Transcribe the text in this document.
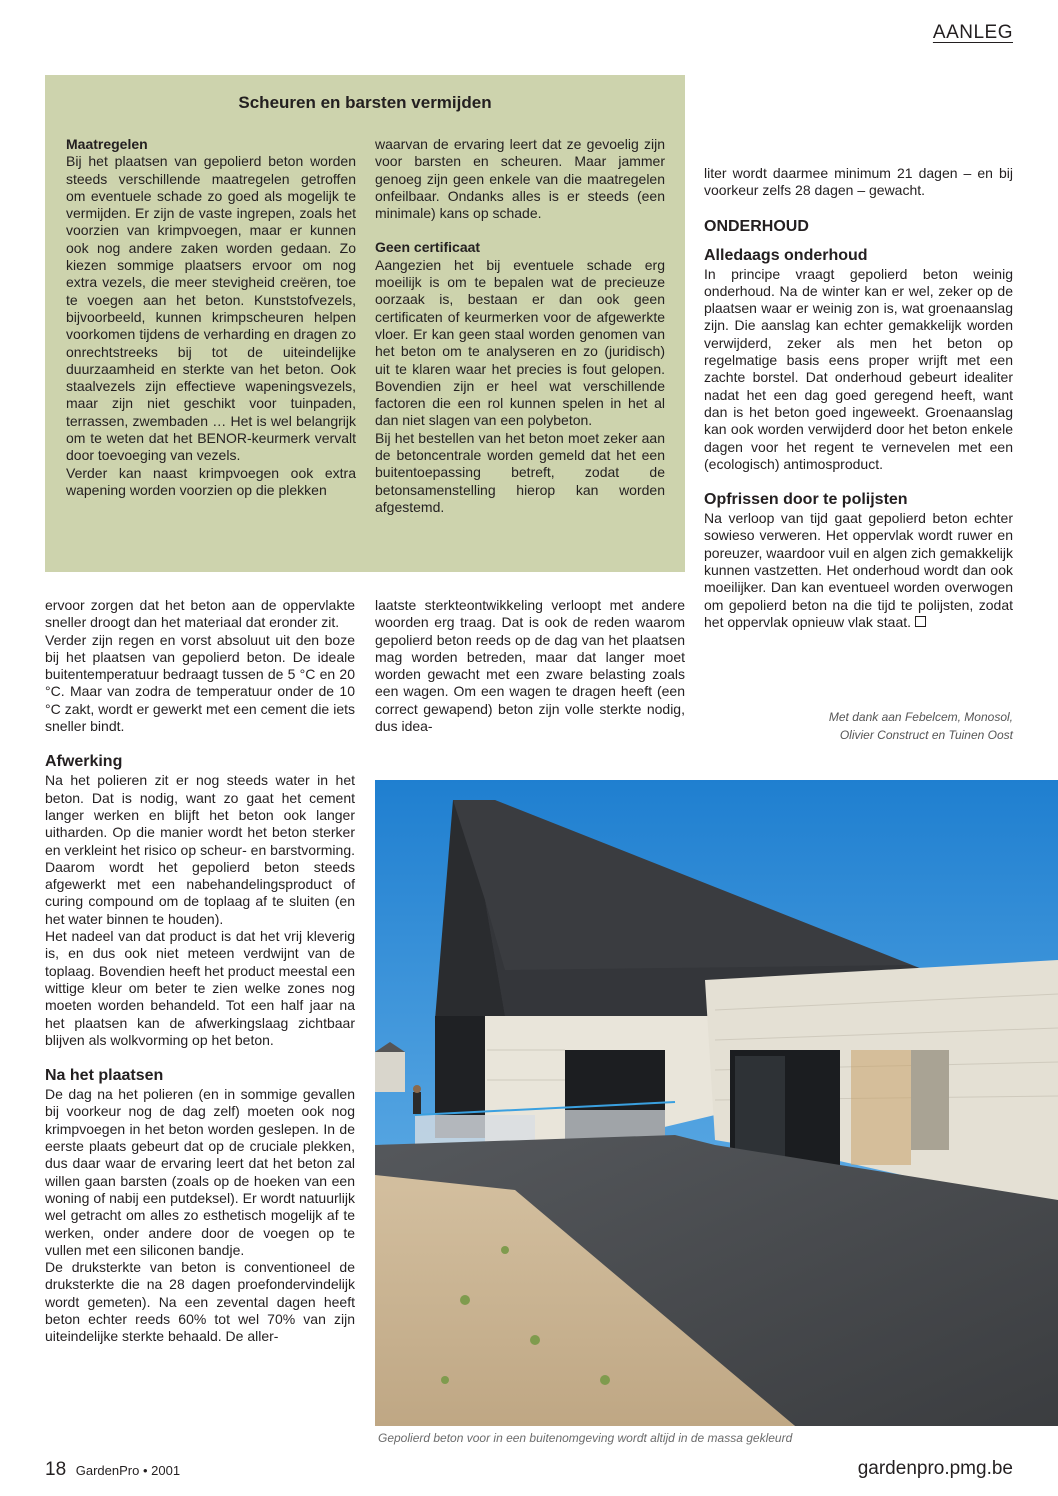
AANLEG
Scheuren en barsten vermijden
Maatregelen

Bij het plaatsen van gepolierd beton worden steeds verschillende maatregelen getroffen om eventuele schade zo goed als mogelijk te vermijden. Er zijn de vaste ingrepen, zoals het voorzien van krimpvoegen, maar er kunnen ook nog andere zaken worden gedaan. Zo kiezen sommige plaatsers ervoor om nog extra vezels, die meer stevigheid creëren, toe te voegen aan het beton. Kunststofvezels, bijvoorbeeld, kunnen krimpscheuren helpen voorkomen tijdens de verharding en dragen zo onrechtstreeks bij tot de uiteindelijke duurzaamheid en sterkte van het beton. Ook staalvezels zijn effectieve wapeningsvezels, maar zijn niet geschikt voor tuinpaden, terrassen, zwembaden … Het is wel belangrijk om te weten dat het BENOR-keurmerk vervalt door toevoeging van vezels.

Verder kan naast krimpvoegen ook extra wapening worden voorzien op die plekken

waarvan de ervaring leert dat ze gevoelig zijn voor barsten en scheuren. Maar jammer genoeg zijn geen enkele van die maatregelen onfeilbaar. Ondanks alles is er steeds (een minimale) kans op schade.

Geen certificaat

Aangezien het bij eventuele schade erg moeilijk is om te bepalen wat de precieuze oorzaak is, bestaan er dan ook geen certificaten of keurmerken voor de afgewerkte vloer. Er kan geen staal worden genomen van het beton om te analyseren en zo (juridisch) uit te klaren waar het precies is fout gelopen. Bovendien zijn er heel wat verschillende factoren die een rol kunnen spelen in het al dan niet slagen van een polybeton.

Bij het bestellen van het beton moet zeker aan de betoncentrale worden gemeld dat het een buitentoepassing betreft, zodat de betonsamenstelling hierop kan worden afgestemd.

ervoor zorgen dat het beton aan de oppervlakte sneller droogt dan het materiaal dat eronder zit.

Verder zijn regen en vorst absoluut uit den boze bij het plaatsen van gepolierd beton. De ideale buitentemperatuur bedraagt tussen de 5 °C en 20 °C. Maar van zodra de temperatuur onder de 10 °C zakt, wordt er gewerkt met een cement die iets sneller bindt.

Afwerking

Na het polieren zit er nog steeds water in het beton. Dat is nodig, want zo gaat het cement langer werken en blijft het beton ook langer uitharden. Op die manier wordt het beton sterker en verkleint het risico op scheur- en barstvorming. Daarom wordt het gepolierd beton steeds afgewerkt met een nabehandelingsproduct of curing compound om de toplaag af te sluiten (en het water binnen te houden).

Het nadeel van dat product is dat het vrij kleverig is, en dus ook niet meteen verdwijnt van de toplaag. Bovendien heeft het product meestal een wittige kleur om beter te zien welke zones nog moeten worden behandeld. Tot een half jaar na het plaatsen kan de afwerkingslaag zichtbaar blijven als wolkvorming op het beton.

Na het plaatsen

De dag na het polieren (en in sommige gevallen bij voorkeur nog de dag zelf) moeten ook nog krimpvoegen in het beton worden geslepen. In de eerste plaats gebeurt dat op de cruciale plekken, dus daar waar de ervaring leert dat het beton zal willen gaan barsten (zoals op de hoeken van een woning of nabij een putdeksel). Er wordt natuurlijk wel getracht om alles zo esthetisch mogelijk af te werken, onder andere door de voegen op te vullen met een siliconen bandje.

De druksterkte van beton is conventioneel de druksterkte die na 28 dagen proefondervindelijk wordt gemeten). Na een zevental dagen heeft beton echter reeds 60% tot wel 70% van zijn uiteindelijke sterkte behaald. De aller-

laatste sterkteontwikkeling verloopt met andere woorden erg traag. Dat is ook de reden waarom gepolierd beton reeds op de dag van het plaatsen mag worden betreden, maar dat langer moet worden gewacht met een zware belasting zoals een wagen. Om een wagen te dragen heeft (een correct gewapend) beton zijn volle sterkte nodig, dus idea-

liter wordt daarmee minimum 21 dagen – en bij voorkeur zelfs 28 dagen – gewacht.

ONDERHOUD
Alledaags onderhoud

In principe vraagt gepolierd beton weinig onderhoud. Na de winter kan er wel, zeker op de plaatsen waar er weinig zon is, wat groenaanslag zijn. Die aanslag kan echter gemakkelijk worden verwijderd, zeker als men het beton op regelmatige basis eens proper wrijft met een zachte borstel. Dat onderhoud gebeurt idealiter nadat het een dag goed geregend heeft, want dan is het beton goed ingeweekt. Groenaanslag kan ook worden verwijderd door het beton enkele dagen voor het regent te vernevelen met een (ecologisch) antimosproduct.

Opfrissen door te polijsten

Na verloop van tijd gaat gepolierd beton echter sowieso verweren. Het oppervlak wordt ruwer en poreuzer, waardoor vuil en algen zich gemakkelijk kunnen vastzetten. Het onderhoud wordt dan ook moeilijker. Dan kan eventueel worden overwogen om gepolierd beton na die tijd te polijsten, zodat het oppervlak opnieuw vlak staat.

Met dank aan Febelcem, Monosol,
Olivier Construct en Tuinen Oost
Gepolierd beton voor in een buitenomgeving wordt altijd in de massa gekleurd
18 GardenPro • 2001	gardenpro.pmg.be
